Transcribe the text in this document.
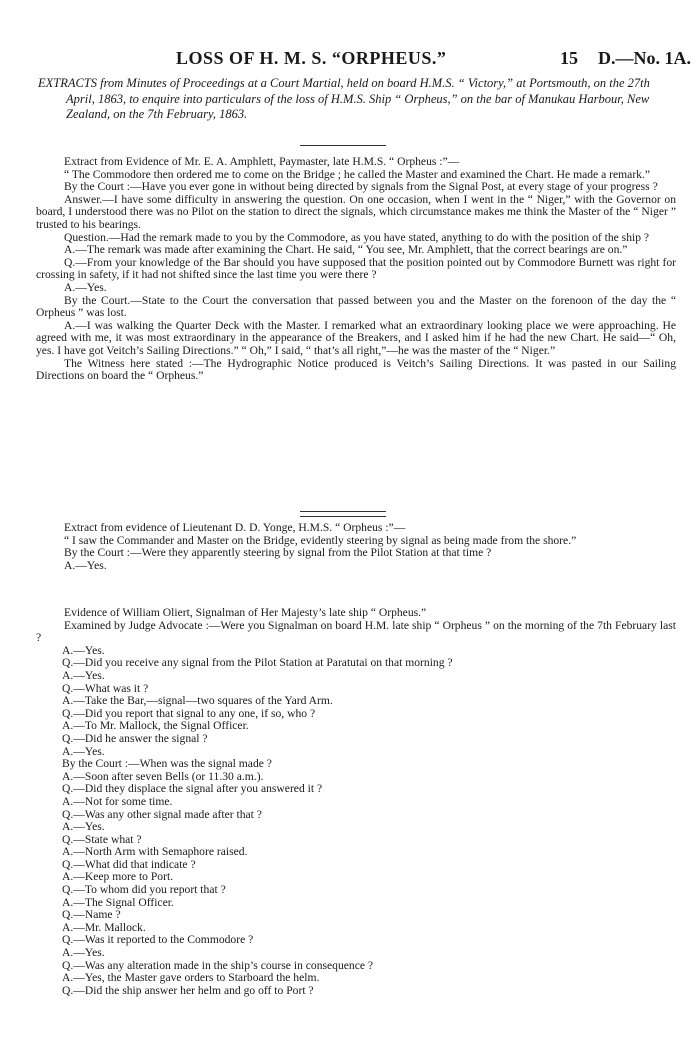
LOSS OF H. M. S. “ORPHEUS.”	15 D.—No. 1A.
EXTRACTS from Minutes of Proceedings at a Court Martial, held on board H.M.S. “ Victory,” at Portsmouth, on the 27th April, 1863, to enquire into particulars of the loss of H.M.S. Ship “ Orpheus,” on the bar of Manukau Harbour, New Zealand, on the 7th February, 1863.

Extract from Evidence of Mr. E. A. Amphlett, Paymaster, late H.M.S. “ Orpheus :”—

“ The Commodore then ordered me to come on the Bridge ; he called the Master and examined the Chart. He made a remark.”

By the Court :—Have you ever gone in without being directed by signals from the Signal Post, at every stage of your progress ?

Answer.—I have some difficulty in answering the question. On one occasion, when I went in the “ Niger,” with the Governor on board, I understood there was no Pilot on the station to direct the signals, which circumstance makes me think the Master of the “ Niger ” trusted to his bearings.

Question.—Had the remark made to you by the Commodore, as you have stated, anything to do with the position of the ship ?

A.—The remark was made after examining the Chart. He said, “ You see, Mr. Amphlett, that the correct bearings are on.”

Q.—From your knowledge of the Bar should you have supposed that the position pointed out by Commodore Burnett was right for crossing in safety, if it had not shifted since the last time you were there ?

A.—Yes.

By the Court.—State to the Court the conversation that passed between you and the Master on the forenoon of the day the “ Orpheus ” was lost.

A.—I was walking the Quarter Deck with the Master. I remarked what an extraordinary looking place we were approaching. He agreed with me, it was most extraordinary in the appearance of the Breakers, and I asked him if he had the new Chart. He said—“ Oh, yes. I have got Veitch’s Sailing Directions.” “ Oh,” I said, “ that’s all right,”—he was the master of the “ Niger.”

The Witness here stated :—The Hydrographic Notice produced is Veitch’s Sailing Directions. It was pasted in our Sailing Directions on board the “ Orpheus.”

Extract from evidence of Lieutenant D. D. Yonge, H.M.S. “ Orpheus :”—

“ I saw the Commander and Master on the Bridge, evidently steering by signal as being made from the shore.”

By the Court :—Were they apparently steering by signal from the Pilot Station at that time ?

A.—Yes.

Evidence of William Oliert, Signalman of Her Majesty’s late ship “ Orpheus.”

Examined by Judge Advocate :—Were you Signalman on board H.M. late ship “ Orpheus ” on the morning of the 7th February last ?

A.—Yes.

Q.—Did you receive any signal from the Pilot Station at Paratutai on that morning ?

A.—Yes.

Q.—What was it ?

A.—Take the Bar,—signal—two squares of the Yard Arm.

Q.—Did you report that signal to any one, if so, who ?

A.—To Mr. Mallock, the Signal Officer.

Q.—Did he answer the signal ?

A.—Yes.

By the Court :—When was the signal made ?

A.—Soon after seven Bells (or 11.30 a.m.).

Q.—Did they displace the signal after you answered it ?

A.—Not for some time.

Q.—Was any other signal made after that ?

A.—Yes.

Q.—State what ?

A.—North Arm with Semaphore raised.

Q.—What did that indicate ?

A.—Keep more to Port.

Q.—To whom did you report that ?

A.—The Signal Officer.

Q.—Name ?

A.—Mr. Mallock.

Q.—Was it reported to the Commodore ?

A.—Yes.

Q.—Was any alteration made in the ship’s course in consequence ?

A.—Yes, the Master gave orders to Starboard the helm.

Q.—Did the ship answer her helm and go off to Port ?
